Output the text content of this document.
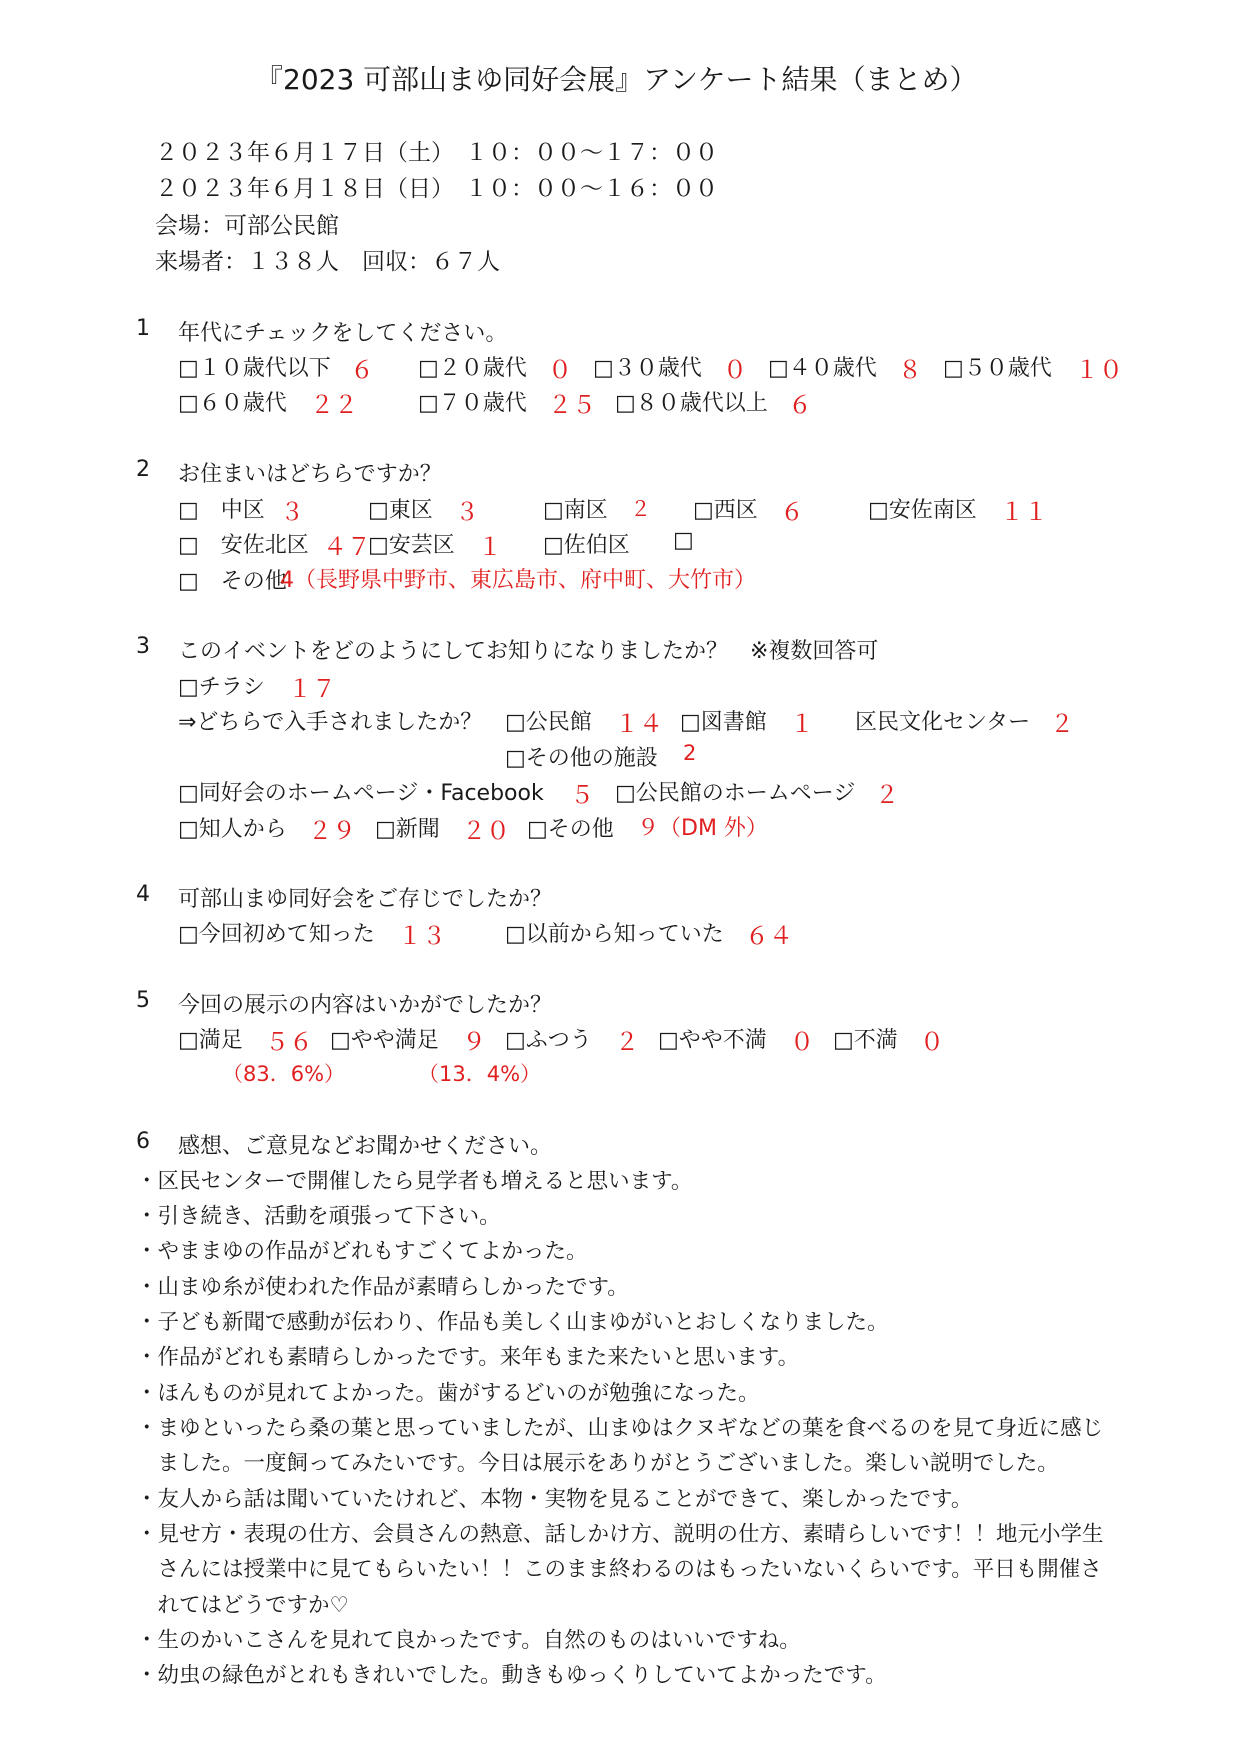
『2023 可部山まゆ同好会展』アンケート結果（まとめ）
２０２３年６月１７日（土） １０：００～１７：００
２０２３年６月１８日（日） １０：００～１６：００
会場：可部公民館
来場者：１３８人　回収：６７人
1 年代にチェックをしてください。
□１０歳代以下 ６ □２０歳代 ０ □３０歳代 ０ □４０歳代 ８ □５０歳代 １０
□６０歳代 ２２	□７０歳代 ２５ □８０歳代以上 ６
2 お住まいはどちらですか？
□　中区 ３	□東区 ３	□南区 ２ □西区 ６	□安佐南区 １１
□　安佐北区 ４７
□安芸区 １ □佐伯区 □
□　その他
4（長野県中野市、東広島市、府中町、大竹市）
3 このイベントをどのようにしてお知りになりましたか？　※複数回答可
□チラシ １７
⇒どちらで入手されましたか？ □公民館 １４ □図書館 １ 区民文化センター ２
□その他の施設 2
□同好会のホームページ・Facebook ５ □公民館のホームページ ２
□知人から ２９ □新聞 ２０ □その他 ９（DM 外）
4 可部山まゆ同好会をご存じでしたか？
□今回初めて知った １３	□以前から知っていた ６４
5 今回の展示の内容はいかがでしたか？
□満足 ５６ □やや満足 ９ □ふつう ２ □やや不満 ０ □不満 ０
（83．6%）	（13．4%）
6 感想、ご意見などお聞かせください。
・区民センターで開催したら見学者も増えると思います。
・引き続き、活動を頑張って下さい。
・やままゆの作品がどれもすごくてよかった。
・山まゆ糸が使われた作品が素晴らしかったです。
・子ども新聞で感動が伝わり、作品も美しく山まゆがいとおしくなりました。
・作品がどれも素晴らしかったです。来年もまた来たいと思います。
・ほんものが見れてよかった。歯がするどいのが勉強になった。
・まゆといったら桑の葉と思っていましたが、山まゆはクヌギなどの葉を食べるのを見て身近に感じ
　ました。一度飼ってみたいです。今日は展示をありがとうございました。楽しい説明でした。
・友人から話は聞いていたけれど、本物・実物を見ることができて、楽しかったです。
・見せ方・表現の仕方、会員さんの熱意、話しかけ方、説明の仕方、素晴らしいです！！地元小学生
　さんには授業中に見てもらいたい！！このまま終わるのはもったいないくらいです。平日も開催さ
　れてはどうですか♡
・生のかいこさんを見れて良かったです。自然のものはいいですね。
・幼虫の緑色がとれもきれいでした。動きもゆっくりしていてよかったです。
